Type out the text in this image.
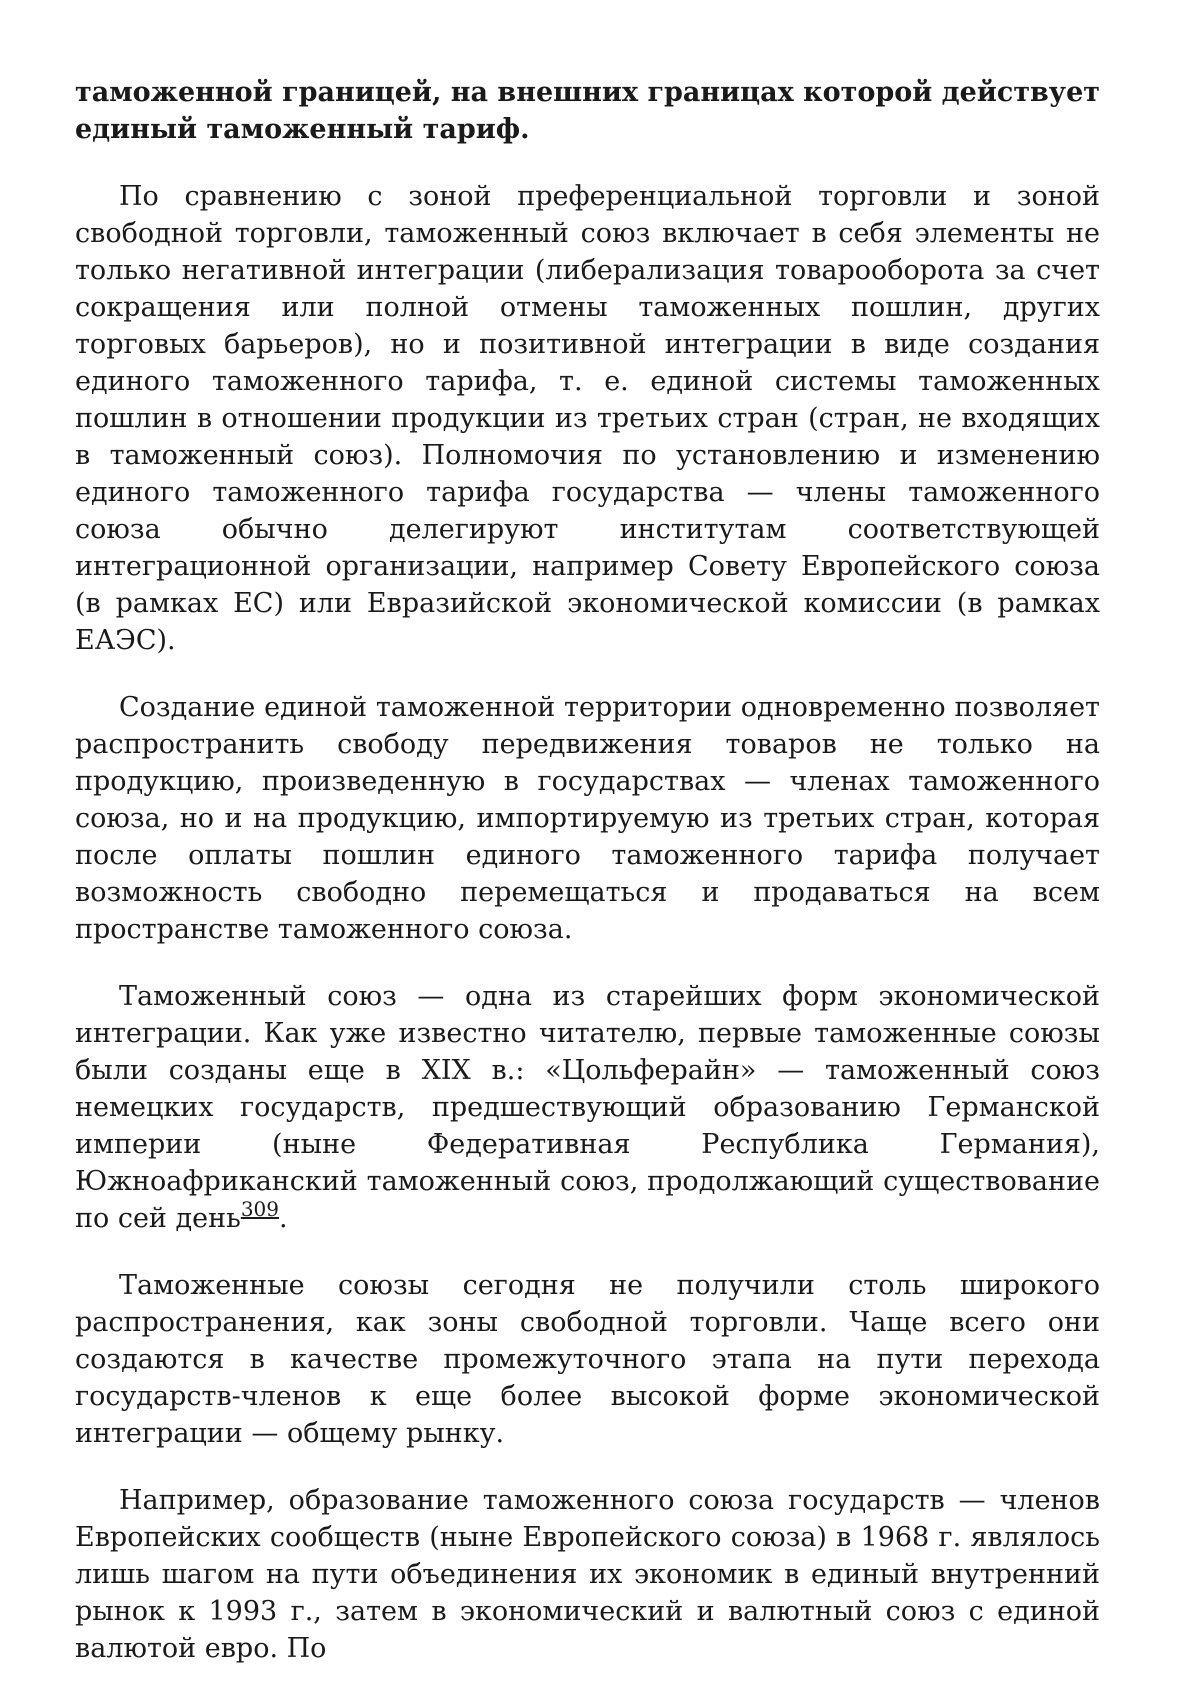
таможенной границей, на внешних границах которой действует единый таможенный тариф.

По сравнению с зоной преференциальной торговли и зоной свободной торговли, таможенный союз включает в себя элементы не только негативной интеграции (либерализация товарооборота за счет сокращения или полной отмены таможенных пошлин, других торговых барьеров), но и позитивной интеграции в виде создания единого таможенного тарифа, т. е. единой системы таможенных пошлин в отношении продукции из третьих стран (стран, не входящих в таможенный союз). Полномочия по установлению и изменению единого таможенного тарифа государства — члены таможенного союза обычно делегируют институтам соответствующей интеграционной организации, например Совету Европейского союза (в рамках ЕС) или Евразийской экономической комиссии (в рамках ЕАЭС).

Создание единой таможенной территории одновременно позволяет распространить свободу передвижения товаров не только на продукцию, произведенную в государствах — членах таможенного союза, но и на продукцию, импортируемую из третьих стран, которая после оплаты пошлин единого таможенного тарифа получает возможность свободно перемещаться и продаваться на всем пространстве таможенного союза.

Таможенный союз — одна из старейших форм экономической интеграции. Как уже известно читателю, первые таможенные союзы были созданы еще в XIX в.: «Цольферайн» — таможенный союз немецких государств, предшествующий образованию Германской империи (ныне Федеративная Республика Германия), Южноафриканский таможенный союз, продолжающий существование по сей день$^{309}$.

Таможенные союзы сегодня не получили столь широкого распространения, как зоны свободной торговли. Чаще всего они создаются в качестве промежуточного этапа на пути перехода государств-членов к еще более высокой форме экономической интеграции — общему рынку.

Например, образование таможенного союза государств — членов Европейских сообществ (ныне Европейского союза) в 1968 г. являлось лишь шагом на пути объединения их экономик в единый внутренний рынок к 1993 г., затем в экономический и валютный союз с единой валютой евро. По
